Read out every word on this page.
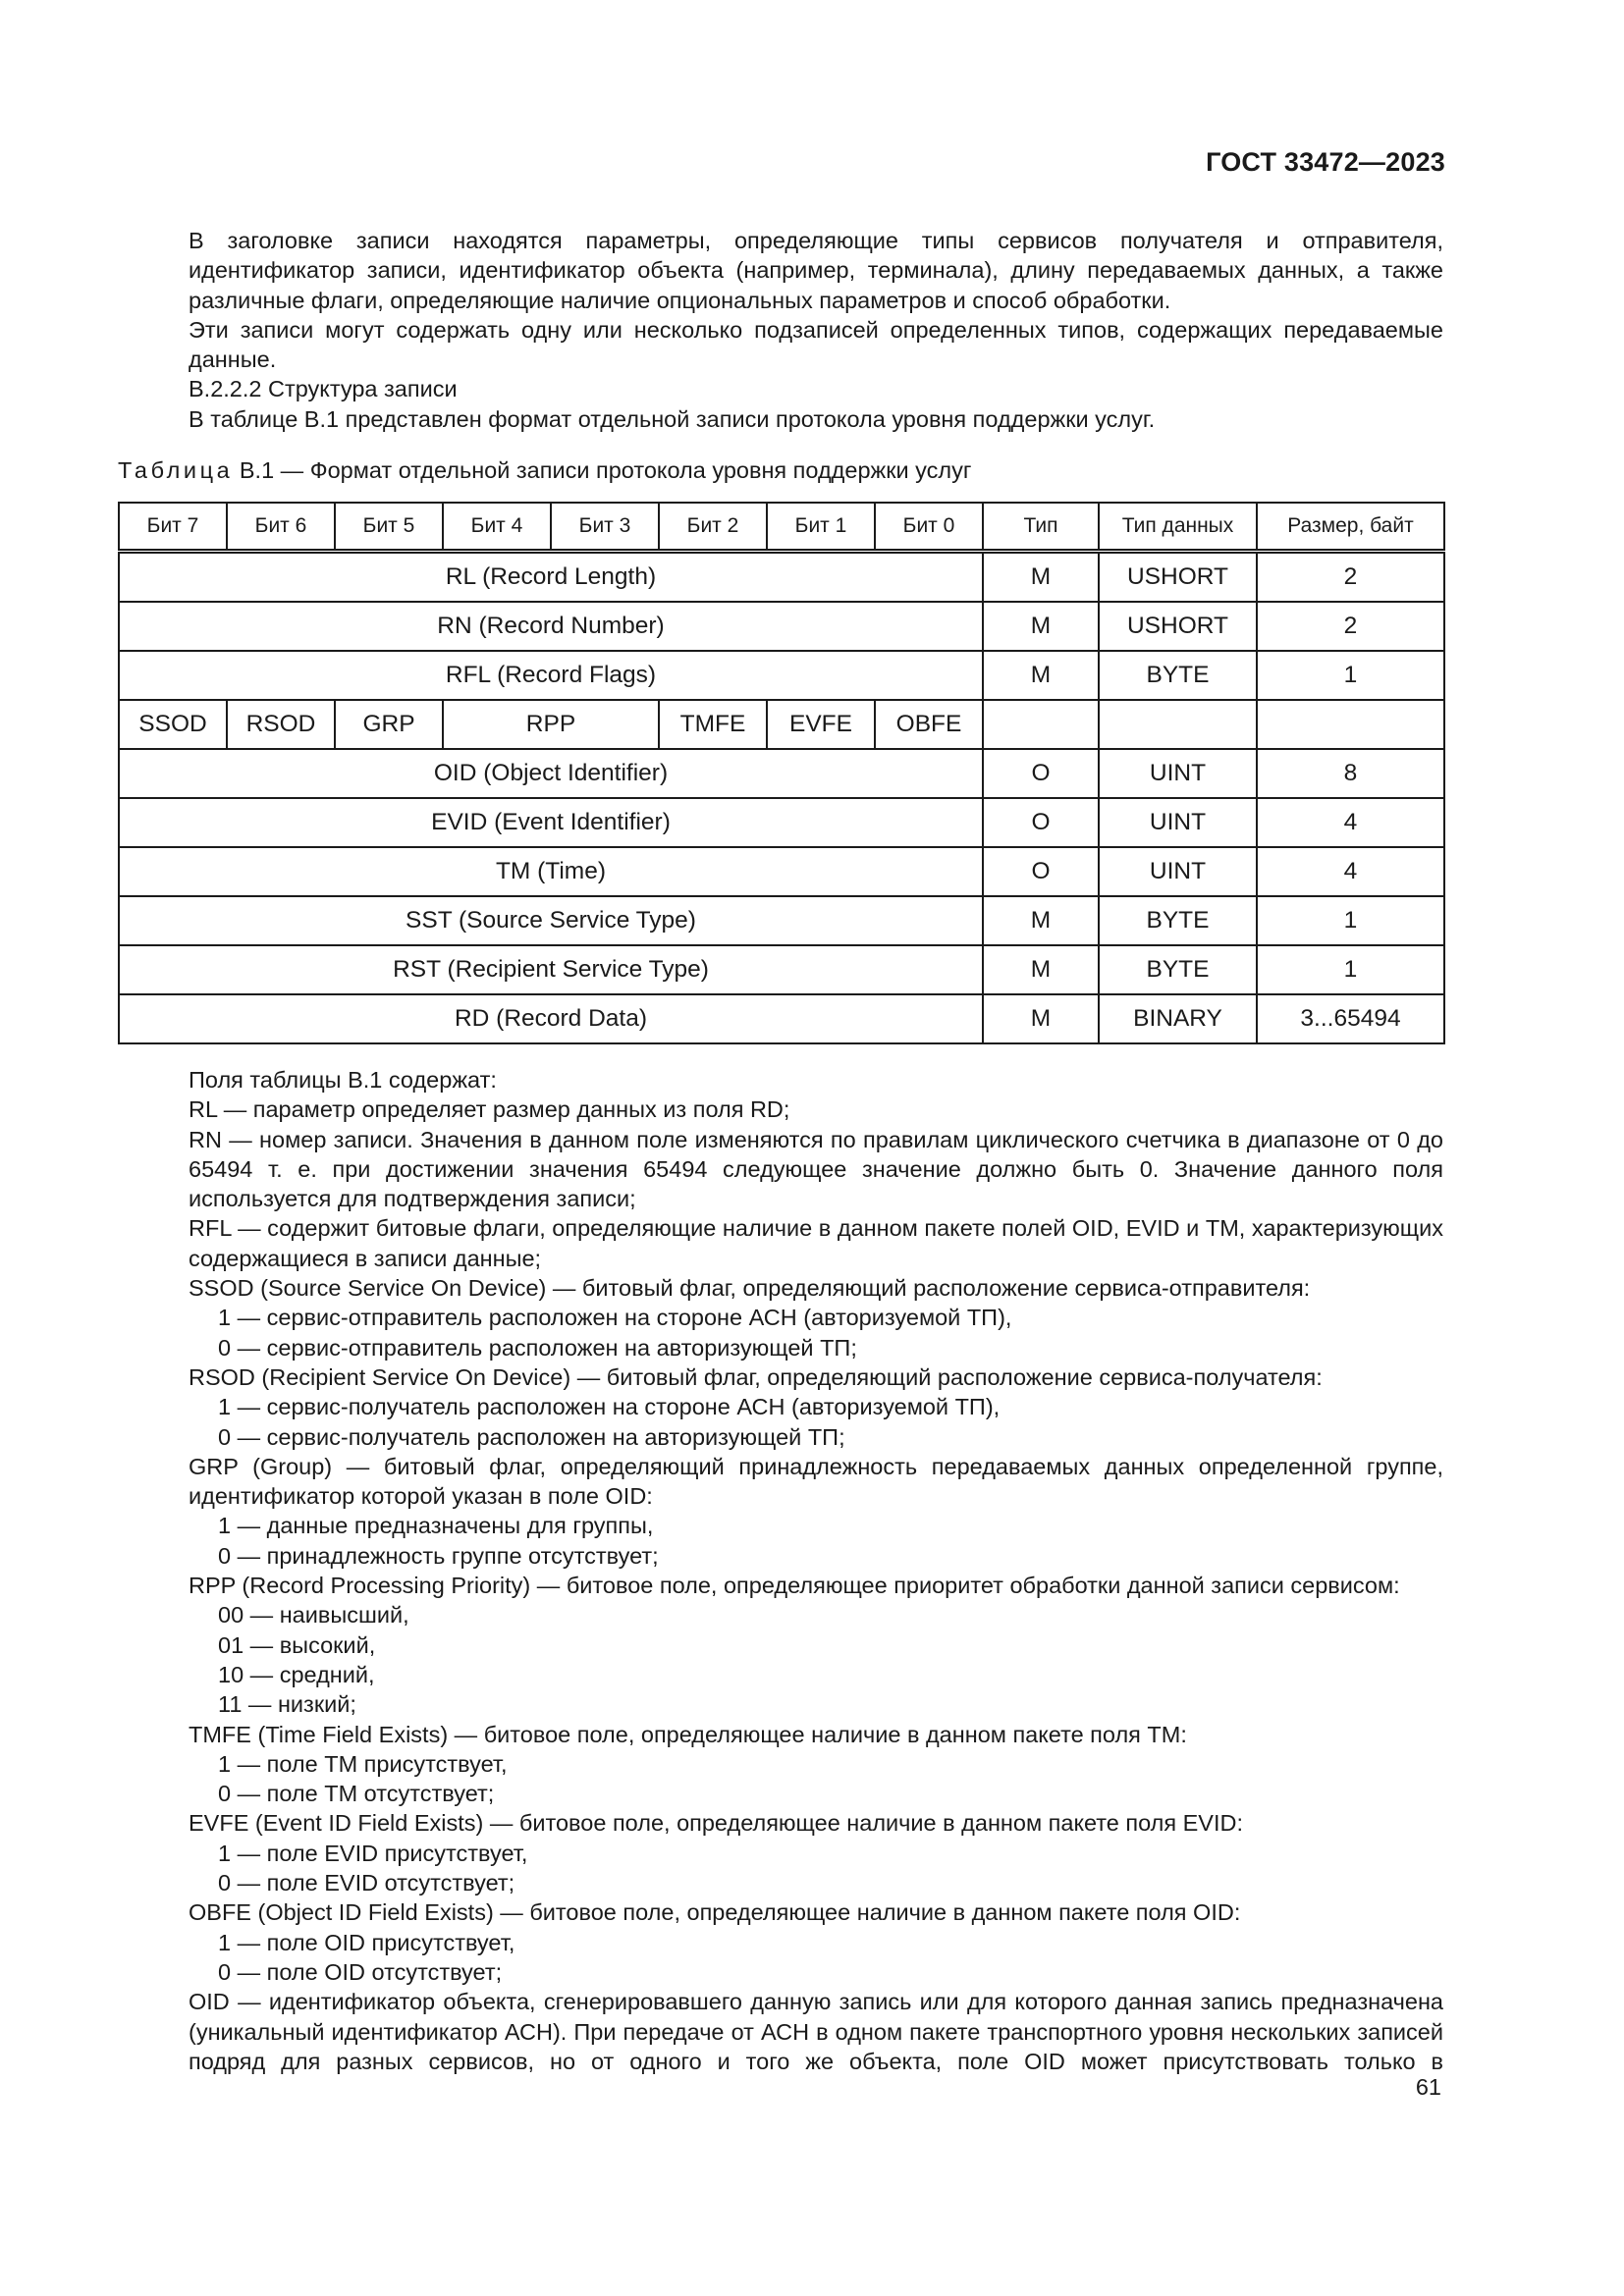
ГОСТ 33472—2023

В заголовке записи находятся параметры, определяющие типы сервисов получателя и отправителя, идентификатор записи, идентификатор объекта (например, терминала), длину передаваемых данных, а также различные флаги, определяющие наличие опциональных параметров и способ обработки.

Эти записи могут содержать одну или несколько подзаписей определенных типов, содержащих передаваемые данные.

В.2.2.2 Структура записи

В таблице В.1 представлен формат отдельной записи протокола уровня поддержки услуг.

Таблица В.1 — Формат отдельной записи протокола уровня поддержки услуг
Бит 7	Бит 6	Бит 5	Бит 4	Бит 3	Бит 2	Бит 1	Бит 0	Тип	Тип данных	Размер, байт
RL (Record Length)								M	USHORT	2
RN (Record Number)								M	USHORT	2
RFL (Record Flags)								M	BYTE	1
SSOD	RSOD	GRP	RPP		TMFE	EVFE	OBFE			
OID (Object Identifier)								O	UINT	8
EVID (Event Identifier)								O	UINT	4
TM (Time)								O	UINT	4
SST (Source Service Type)								M	BYTE	1
RST (Recipient Service Type)								M	BYTE	1
RD (Record Data)								M	BINARY	3...65494

Поля таблицы В.1 содержат:

RL — параметр определяет размер данных из поля RD;

RN — номер записи. Значения в данном поле изменяются по правилам циклического счетчика в диапазоне от 0 до 65494 т. е. при достижении значения 65494 следующее значение должно быть 0. Значение данного поля используется для подтверждения записи;

RFL — содержит битовые флаги, определяющие наличие в данном пакете полей OID, EVID и TM, характеризующих содержащиеся в записи данные;

SSOD (Source Service On Device) — битовый флаг, определяющий расположение сервиса-отправителя:

1 — сервис-отправитель расположен на стороне АСН (авторизуемой ТП),

0 — сервис-отправитель расположен на авторизующей ТП;

RSOD (Recipient Service On Device) — битовый флаг, определяющий расположение сервиса-получателя:

1 — сервис-получатель расположен на стороне АСН (авторизуемой ТП),

0 — сервис-получатель расположен на авторизующей ТП;

GRP (Group) — битовый флаг, определяющий принадлежность передаваемых данных определенной группе, идентификатор которой указан в поле OID:

1 — данные предназначены для группы,

0 — принадлежность группе отсутствует;

RPP (Record Processing Priority) — битовое поле, определяющее приоритет обработки данной записи сервисом:

00 — наивысший,

01 — высокий,

10 — средний,

11 — низкий;

TMFE (Time Field Exists) — битовое поле, определяющее наличие в данном пакете поля TM:

1 — поле TM присутствует,

0 — поле TM отсутствует;

EVFE (Event ID Field Exists) — битовое поле, определяющее наличие в данном пакете поля EVID:

1 — поле EVID присутствует,

0 — поле EVID отсутствует;

OBFE (Object ID Field Exists) — битовое поле, определяющее наличие в данном пакете поля OID:

1 — поле OID присутствует,

0 — поле OID отсутствует;

OID — идентификатор объекта, сгенерировавшего данную запись или для которого данная запись предназначена (уникальный идентификатор АСН). При передаче от АСН в одном пакете транспортного уровня нескольких записей подряд для разных сервисов, но от одного и того же объекта, поле OID может присутствовать только в

61
